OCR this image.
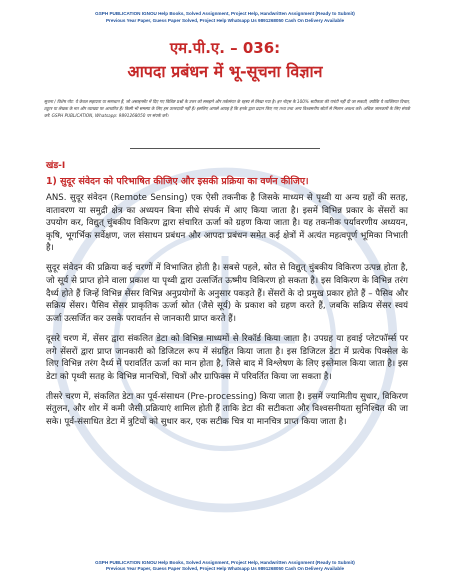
GSPH PUBLICATION IGNOU Help Books, Solved Assignment, Project Help, Handwritten Assignment (Ready to Submit)
Previous Year Paper, Guess Paper Solved, Project Help Whatsapp Us 9891268050 Cash On Delivery Available
एम.पी.ए. – 036:
आपदा प्रबंधन में भू-सूचना विज्ञान
सूचना / विशेष नोट: ये केवल सहायता या समाधान हैं, जो असाइनमेंट में दिए गए विशिष्ट प्रश्नों के उत्तर को समझने और तर्कसंगत के रहस्य से लिखा गया है। इन नोट्स के 100% सटीकता की गारंटी नहीं दी जा सकती, क्योंकि ये व्यक्तिगत विचार, ट्यूटर या लेखक के मत और व्याख्या पर आधारित हैं। किसी भी समस्या के लिए हम उत्तरदायी नहीं हैं। इसलिए आपसे आग्रह है कि इनके द्वारा प्रदान किए गए तथ्य तथा अन्य विश्वसनीय स्रोतों से मिलान अवश्य करें। अधिक जानकारी के लिए संपर्क करें: GSPH PUBLICATION, Whatsapp: 9891268050 पर संपर्क करें।
खंड-I
1) सुदूर संवेदन को परिभाषित कीजिए और इसकी प्रक्रिया का वर्णन कीजिए।

ANS. सुदूर संवेदन (Remote Sensing) एक ऐसी तकनीक है जिसके माध्यम से पृथ्वी या अन्य ग्रहों की सतह, वातावरण या समुद्री क्षेत्र का अध्ययन बिना सीधे संपर्क में आए किया जाता है। इसमें विभिन्न प्रकार के सेंसरों का उपयोग कर, विद्युत् चुंबकीय विकिरण द्वारा संचारित ऊर्जा को ग्रहण किया जाता है। यह तकनीक पर्यावरणीय अध्ययन, कृषि, भूगर्भिक सर्वेक्षण, जल संसाधन प्रबंधन और आपदा प्रबंधन समेत कई क्षेत्रों में अत्यंत महत्वपूर्ण भूमिका निभाती है।

सुदूर संवेदन की प्रक्रिया कई चरणों में विभाजित होती है। सबसे पहले, स्रोत से विद्युत् चुंबकीय विकिरण उत्पन्न होता है, जो सूर्य से प्राप्त होने वाला प्रकाश या पृथ्वी द्वारा उत्सर्जित ऊष्मीय विकिरण हो सकता है। इस विकिरण के विभिन्न तरंग दैर्ध्य होते हैं जिन्हें विभिन्न सेंसर विभिन्न अनुप्रयोगों के अनुसार पकड़ते हैं। सेंसरों के दो प्रमुख प्रकार होते हैं – पैसिव और सक्रिय सेंसर। पैसिव सेंसर प्राकृतिक ऊर्जा स्रोत (जैसे सूर्य) के प्रकाश को ग्रहण करते हैं, जबकि सक्रिय सेंसर स्वयं ऊर्जा उत्सर्जित कर उसके परावर्तन से जानकारी प्राप्त करते हैं।

दूसरे चरण में, सेंसर द्वारा संकलित डेटा को विभिन्न माध्यमों से रिकॉर्ड किया जाता है। उपग्रह या हवाई प्लेटफॉर्म्स पर लगे सेंसरों द्वारा प्राप्त जानकारी को डिजिटल रूप में संग्रहित किया जाता है। इस डिजिटल डेटा में प्रत्येक पिक्सेल के लिए विभिन्न तरंग दैर्ध्य में परावर्तित ऊर्जा का मान होता है, जिसे बाद में विश्लेषण के लिए इस्तेमाल किया जाता है। इस डेटा को पृथ्वी सतह के विभिन्न मानचित्रों, चित्रों और ग्राफिक्स में परिवर्तित किया जा सकता है।

तीसरे चरण में, संकलित डेटा का पूर्व-संसाधन (Pre-processing) किया जाता है। इसमें ज्यामितीय सुधार, विकिरण संतुलन, और शोर में कमी जैसी प्रक्रियाएं शामिल होती हैं ताकि डेटा की सटीकता और विश्वसनीयता सुनिश्चित की जा सके। पूर्व-संसाधित डेटा में त्रुटियों को सुधार कर, एक सटीक चित्र या मानचित्र प्राप्त किया जाता है।

GSPH PUBLICATION IGNOU Help Books, Solved Assignment, Project Help, Handwritten Assignment (Ready to Submit)
Previous Year Paper, Guess Paper Solved, Project Help Whatsapp Us 9891268050 Cash On Delivery Available
